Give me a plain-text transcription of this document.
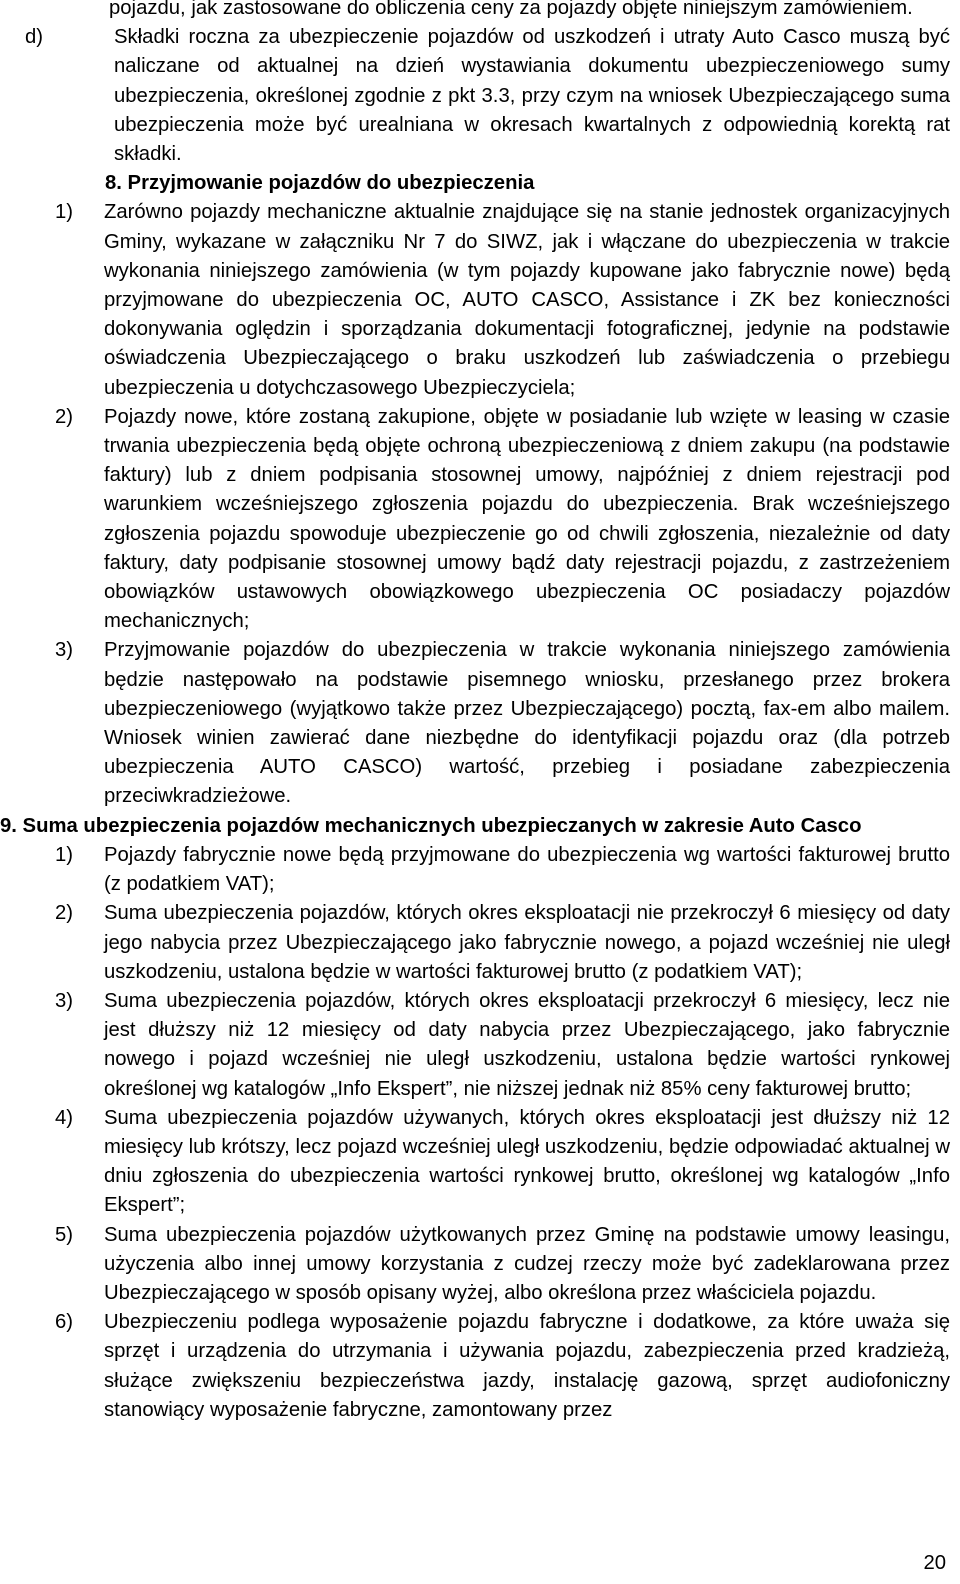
pojazdu, jak zastosowane do obliczenia ceny za pojazdy objęte niniejszym zamówieniem.

d)	Składki roczna za ubezpieczenie pojazdów od uszkodzeń i utraty Auto Casco muszą być naliczane od aktualnej na dzień wystawiania dokumentu ubezpieczeniowego sumy ubezpieczenia, określonej zgodnie z pkt 3.3, przy czym na wniosek Ubezpieczającego suma ubezpieczenia może być urealniana w okresach kwartalnych z odpowiednią korektą rat składki.

8. Przyjmowanie pojazdów do ubezpieczenia

1) Zarówno pojazdy mechaniczne aktualnie znajdujące się na stanie jednostek organizacyjnych Gminy, wykazane w załączniku Nr 7 do SIWZ, jak i włączane do ubezpieczenia w trakcie wykonania niniejszego zamówienia (w tym pojazdy kupowane jako fabrycznie nowe) będą przyjmowane do ubezpieczenia OC, AUTO CASCO, Assistance i ZK bez konieczności dokonywania oględzin i sporządzania dokumentacji fotograficznej, jedynie na podstawie oświadczenia Ubezpieczającego o braku uszkodzeń lub zaświadczenia o przebiegu ubezpieczenia u dotychczasowego Ubezpieczyciela;
2) Pojazdy nowe, które zostaną zakupione, objęte w posiadanie lub wzięte w leasing w czasie trwania ubezpieczenia będą objęte ochroną ubezpieczeniową z dniem zakupu (na podstawie faktury) lub z dniem podpisania stosownej umowy, najpóźniej z dniem rejestracji pod warunkiem wcześniejszego zgłoszenia pojazdu do ubezpieczenia. Brak wcześniejszego zgłoszenia pojazdu spowoduje ubezpieczenie go od chwili zgłoszenia, niezależnie od daty faktury, daty podpisanie stosownej umowy bądź daty rejestracji pojazdu, z zastrzeżeniem obowiązków ustawowych obowiązkowego ubezpieczenia OC posiadaczy pojazdów mechanicznych;
3) Przyjmowanie pojazdów do ubezpieczenia w trakcie wykonania niniejszego zamówienia będzie następowało na podstawie pisemnego wniosku, przesłanego przez brokera ubezpieczeniowego (wyjątkowo także przez Ubezpieczającego) pocztą, fax-em albo mailem. Wniosek winien zawierać dane niezbędne do identyfikacji pojazdu oraz (dla potrzeb ubezpieczenia AUTO CASCO) wartość, przebieg i posiadane zabezpieczenia przeciwkradzieżowe.

9. Suma ubezpieczenia pojazdów mechanicznych ubezpieczanych w zakresie Auto Casco

1) Pojazdy fabrycznie nowe będą przyjmowane do ubezpieczenia wg wartości fakturowej brutto (z podatkiem VAT);
2) Suma ubezpieczenia pojazdów, których okres eksploatacji nie przekroczył 6 miesięcy od daty jego nabycia przez Ubezpieczającego jako fabrycznie nowego, a pojazd wcześniej nie uległ uszkodzeniu, ustalona będzie w wartości fakturowej brutto (z podatkiem VAT);
3) Suma ubezpieczenia pojazdów, których okres eksploatacji przekroczył 6 miesięcy, lecz nie jest dłuższy niż 12 miesięcy od daty nabycia przez Ubezpieczającego, jako fabrycznie nowego i pojazd wcześniej nie uległ uszkodzeniu, ustalona będzie wartości rynkowej określonej wg katalogów „Info Ekspert”, nie niższej jednak niż 85% ceny fakturowej brutto;
4) Suma ubezpieczenia pojazdów używanych, których okres eksploatacji jest dłuższy niż 12 miesięcy lub krótszy, lecz pojazd wcześniej uległ uszkodzeniu, będzie odpowiadać aktualnej w dniu zgłoszenia do ubezpieczenia wartości rynkowej brutto, określonej wg katalogów „Info Ekspert”;
5) Suma ubezpieczenia pojazdów użytkowanych przez Gminę na podstawie umowy leasingu, użyczenia albo innej umowy korzystania z cudzej rzeczy może być zadeklarowana przez Ubezpieczającego w sposób opisany wyżej, albo określona przez właściciela pojazdu.
6) Ubezpieczeniu podlega wyposażenie pojazdu fabryczne i dodatkowe, za które uważa się sprzęt i urządzenia do utrzymania i używania pojazdu, zabezpieczenia przed kradzieżą, służące zwiększeniu bezpieczeństwa jazdy, instalację gazową, sprzęt audiofoniczny stanowiący wyposażenie fabryczne, zamontowany przez
20
